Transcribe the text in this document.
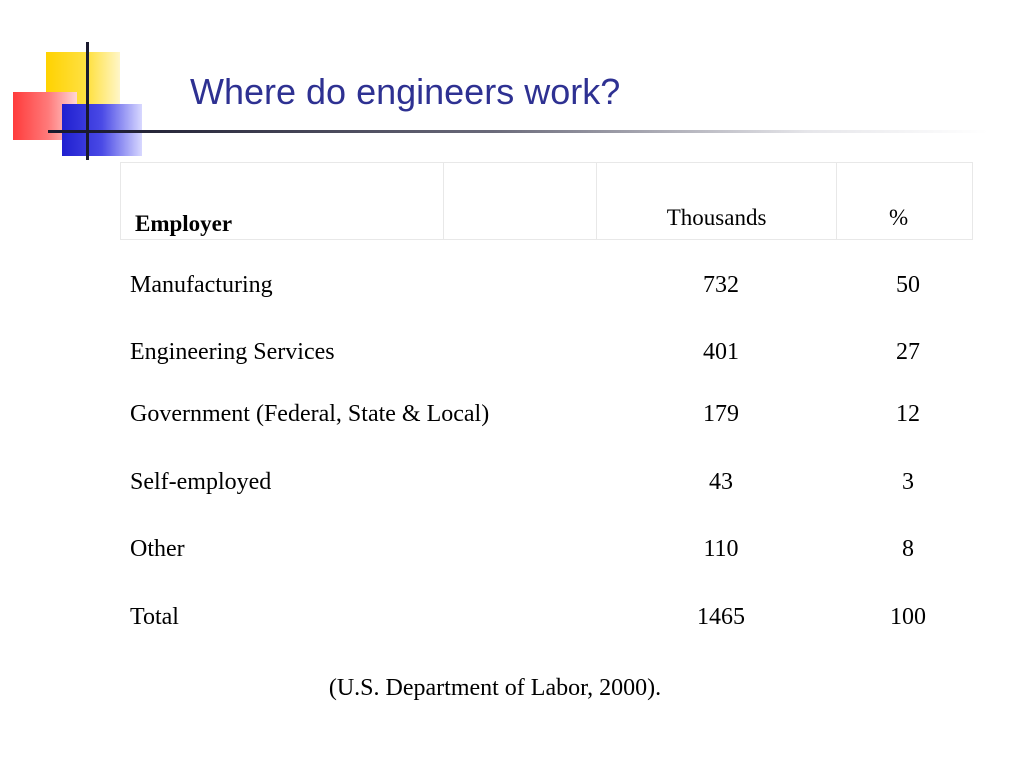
Where do engineers work?
Employer		Thousands	%
Manufacturing	732	50
Engineering Services	401	27
Government (Federal, State & Local)	179	12
Self-employed	43	3
Other	110	8
Total	1465	100
(U.S. Department of Labor, 2000).
